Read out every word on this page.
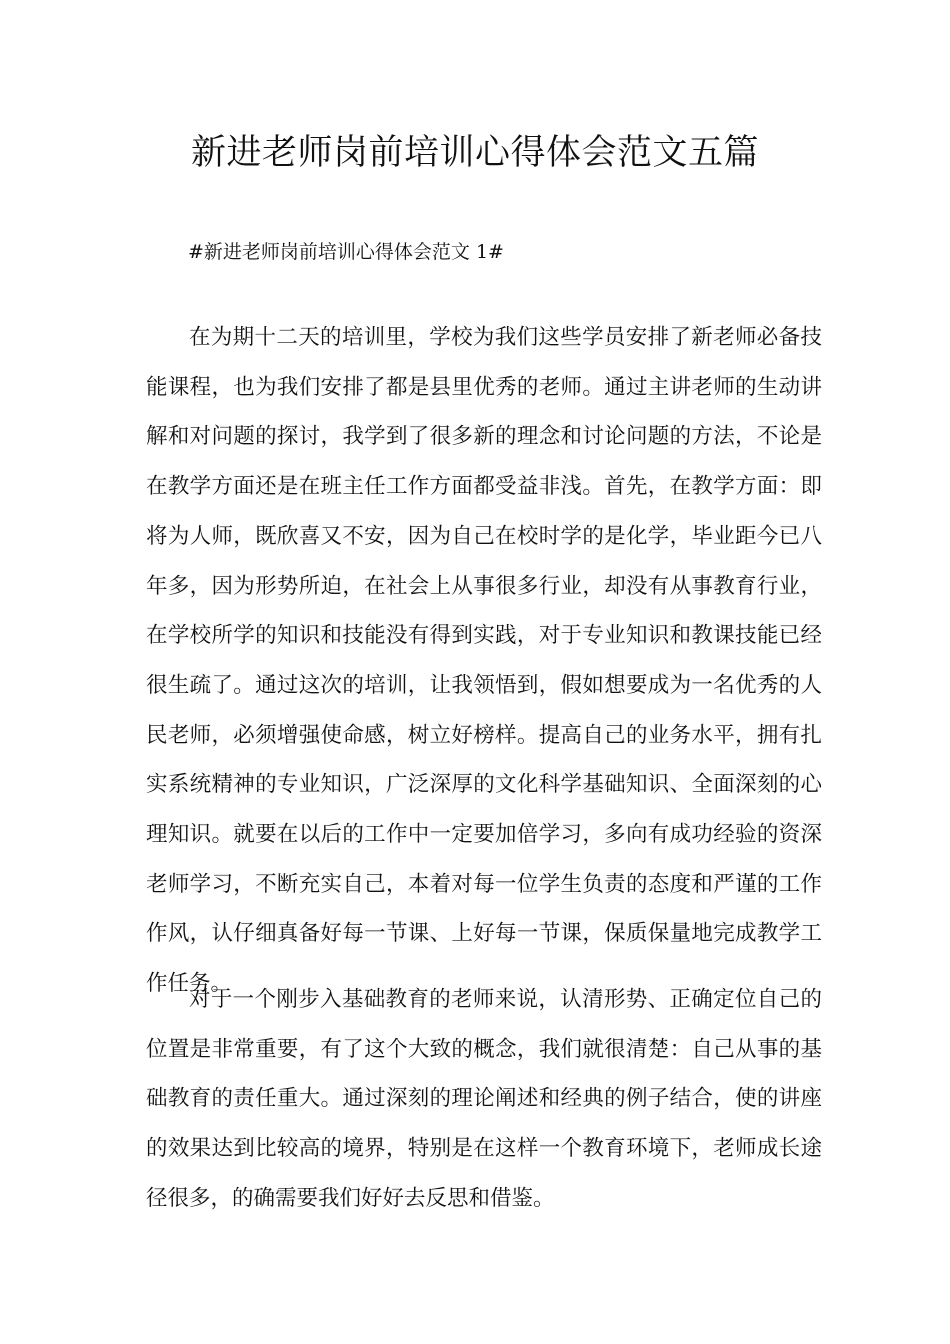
新进老师岗前培训心得体会范文五篇

#新进老师岗前培训心得体会范文 1#

在为期十二天的培训里，学校为我们这些学员安排了新老师必备技能课程，也为我们安排了都是县里优秀的老师。通过主讲老师的生动讲解和对问题的探讨，我学到了很多新的理念和讨论问题的方法，不论是在教学方面还是在班主任工作方面都受益非浅。首先，在教学方面：即将为人师，既欣喜又不安，因为自己在校时学的是化学，毕业距今已八年多，因为形势所迫，在社会上从事很多行业，却没有从事教育行业，在学校所学的知识和技能没有得到实践，对于专业知识和教课技能已经很生疏了。通过这次的培训，让我领悟到，假如想要成为一名优秀的人民老师，必须增强使命感，树立好榜样。提高自己的业务水平，拥有扎实系统精神的专业知识，广泛深厚的文化科学基础知识、全面深刻的心理知识。就要在以后的工作中一定要加倍学习，多向有成功经验的资深老师学习，不断充实自己，本着对每一位学生负责的态度和严谨的工作作风，认仔细真备好每一节课、上好每一节课，保质保量地完成教学工作任务。

对于一个刚步入基础教育的老师来说，认清形势、正确定位自己的位置是非常重要，有了这个大致的概念，我们就很清楚：自己从事的基础教育的责任重大。通过深刻的理论阐述和经典的例子结合，使的讲座的效果达到比较高的境界，特别是在这样一个教育环境下，老师成长途径很多，的确需要我们好好去反思和借鉴。
